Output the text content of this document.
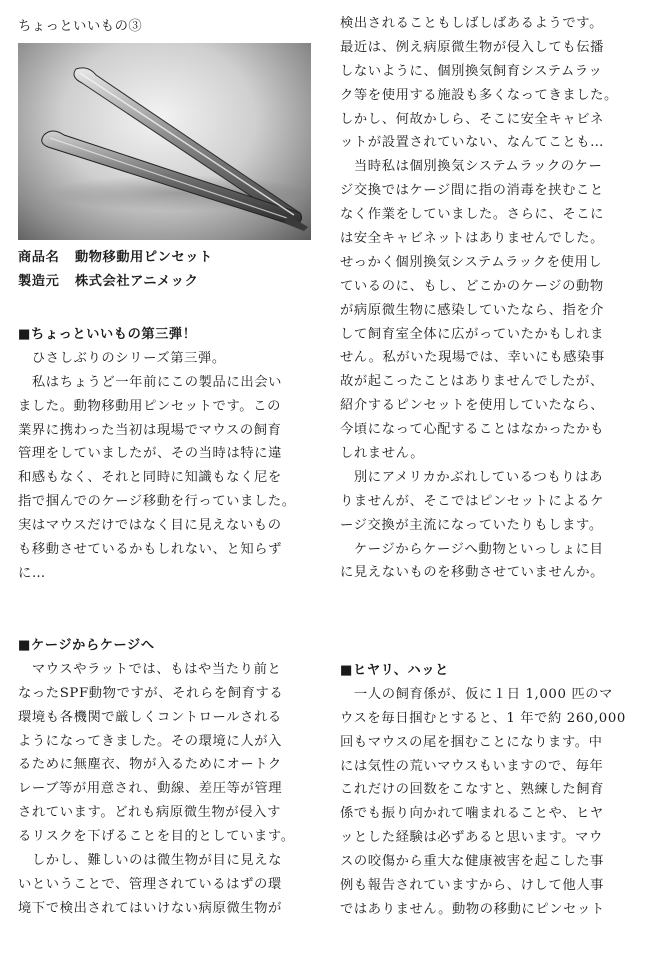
ちょっといいもの③
商品名 動物移動用ピンセット
製造元 株式会社アニメック
■ちょっといいもの第三弾！
　ひさしぶりのシリーズ第三弾。
　私はちょうど一年前にこの製品に出会い
ました。動物移動用ピンセットです。この
業界に携わった当初は現場でマウスの飼育
管理をしていましたが、その当時は特に違
和感もなく、それと同時に知識もなく尼を
指で掴んでのケージ移動を行っていました。
実はマウスだけではなく目に見えないもの
も移動させているかもしれない、と知らず
に…
■ケージからケージへ
　マウスやラットでは、もはや当たり前と
なったSPF動物ですが、それらを飼育する
環境も各機関で厳しくコントロールされる
ようになってきました。その環境に人が入
るために無塵衣、物が入るためにオートク
レーブ等が用意され、動線、差圧等が管理
されています。どれも病原微生物が侵入す
るリスクを下げることを目的としています。
　しかし、難しいのは微生物が目に見えな
いということで、管理されているはずの環
境下で検出されてはいけない病原微生物が
検出されることもしばしばあるようです。
最近は、例え病原微生物が侵入しても伝播
しないように、個別換気飼育システムラッ
ク等を使用する施設も多くなってきました。
しかし、何故かしら、そこに安全キャビネ
ットが設置されていない、なんてことも…
　当時私は個別換気システムラックのケー
ジ交換ではケージ間に指の消毒を挟むこと
なく作業をしていました。さらに、そこに
は安全キャビネットはありませんでした。
せっかく個別換気システムラックを使用し
ているのに、もし、どこかのケージの動物
が病原微生物に感染していたなら、指を介
して飼育室全体に広がっていたかもしれま
せん。私がいた現場では、幸いにも感染事
故が起こったことはありませんでしたが、
紹介するピンセットを使用していたなら、
今頃になって心配することはなかったかも
しれません。
　別にアメリカかぶれしているつもりはあ
りませんが、そこではピンセットによるケ
ージ交換が主流になっていたりもします。
　ケージからケージへ動物といっしょに目
に見えないものを移動させていませんか。
■ヒヤリ、ハッと
　一人の飼育係が、仮に１日 1,000 匹のマ
ウスを毎日掴むとすると、1 年で約 260,000
回もマウスの尾を掴むことになります。中
には気性の荒いマウスもいますので、毎年
これだけの回数をこなすと、熟練した飼育
係でも振り向かれて噛まれることや、ヒヤ
ッとした経験は必ずあると思います。マウ
スの咬傷から重大な健康被害を起こした事
例も報告されていますから、けして他人事
ではありません。動物の移動にピンセット
